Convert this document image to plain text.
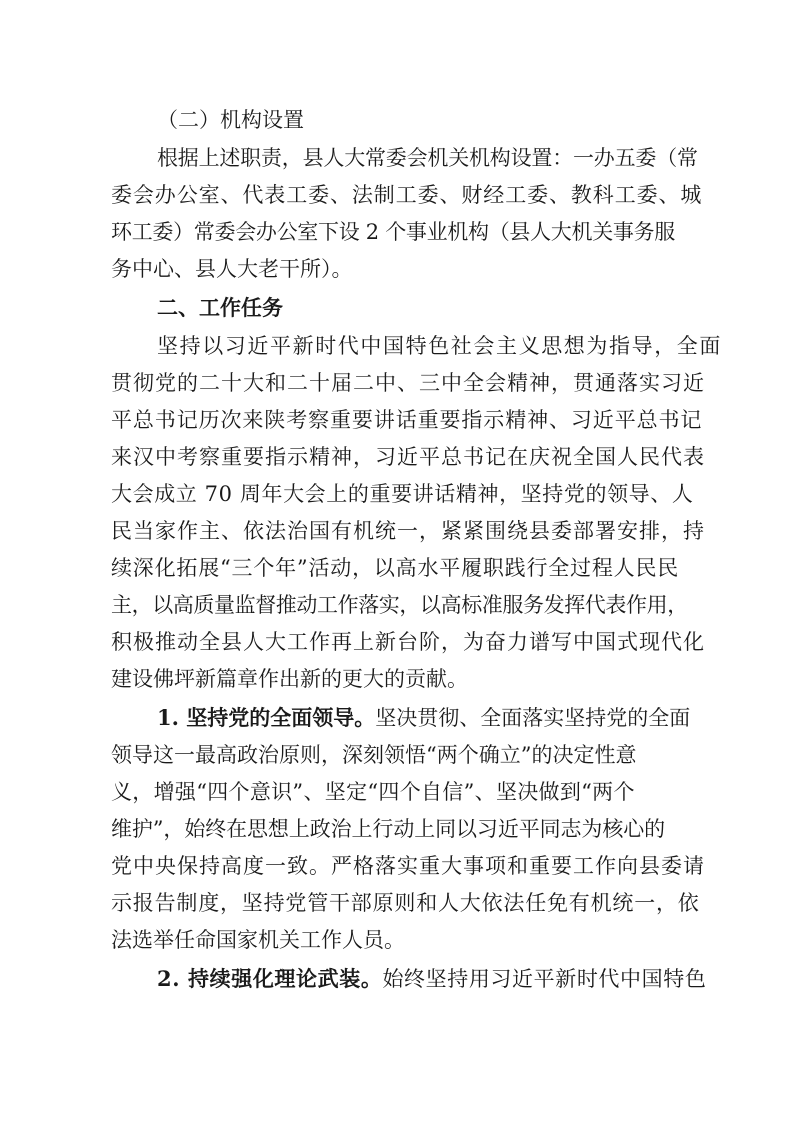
（二）机构设置

根据上述职责，县人大常委会机关机构设置：一办五委（常

委会办公室、代表工委、法制工委、财经工委、教科工委、城

环工委）常委会办公室下设 2 个事业机构（县人大机关事务服

务中心、县人大老干所）。

二、工作任务

坚持以习近平新时代中国特色社会主义思想为指导，全面

贯彻党的二十大和二十届二中、三中全会精神，贯通落实习近

平总书记历次来陕考察重要讲话重要指示精神、习近平总书记

来汉中考察重要指示精神，习近平总书记在庆祝全国人民代表

大会成立 70 周年大会上的重要讲话精神，坚持党的领导、人

民当家作主、依法治国有机统一，紧紧围绕县委部署安排，持

续深化拓展“三个年”活动，以高水平履职践行全过程人民民

主，以高质量监督推动工作落实，以高标准服务发挥代表作用，

积极推动全县人大工作再上新台阶，为奋力谱写中国式现代化

建设佛坪新篇章作出新的更大的贡献。

1. 坚持党的全面领导。坚决贯彻、全面落实坚持党的全面

领导这一最高政治原则，深刻领悟“两个确立”的决定性意

义，增强“四个意识”、坚定“四个自信”、坚决做到“两个

维护”，始终在思想上政治上行动上同以习近平同志为核心的

党中央保持高度一致。严格落实重大事项和重要工作向县委请

示报告制度，坚持党管干部原则和人大依法任免有机统一，依

法选举任命国家机关工作人员。

2. 持续强化理论武装。始终坚持用习近平新时代中国特色
